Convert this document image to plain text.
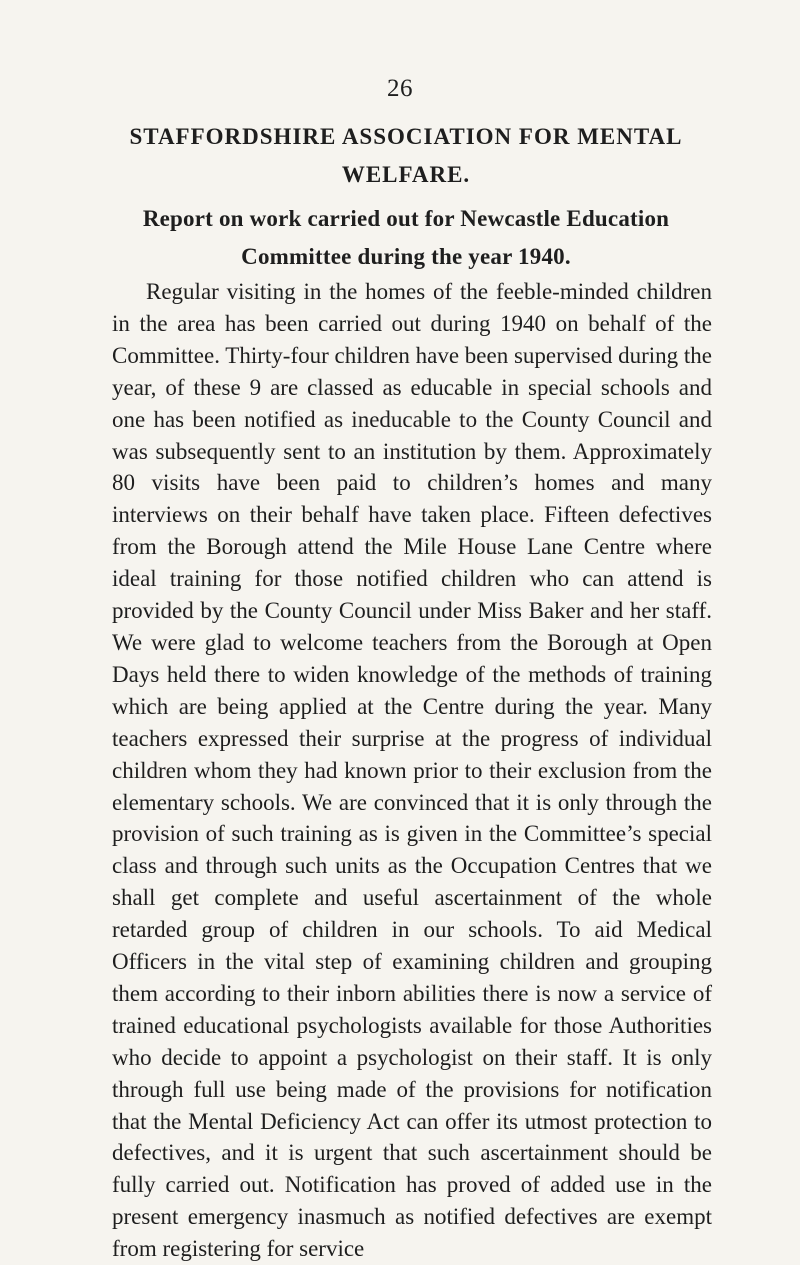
26
STAFFORDSHIRE ASSOCIATION FOR MENTAL WELFARE.
Report on work carried out for Newcastle Education Committee during the year 1940.

Regular visiting in the homes of the feeble-minded children in the area has been carried out during 1940 on behalf of the Committee. Thirty-four children have been supervised during the year, of these 9 are classed as educable in special schools and one has been notified as ineducable to the County Council and was subsequently sent to an institution by them. Approximately 80 visits have been paid to children’s homes and many interviews on their behalf have taken place. Fifteen defectives from the Borough attend the Mile House Lane Centre where ideal training for those notified children who can attend is provided by the County Council under Miss Baker and her staff. We were glad to welcome teachers from the Borough at Open Days held there to widen knowledge of the methods of training which are being applied at the Centre during the year. Many teachers expressed their surprise at the progress of individual children whom they had known prior to their exclusion from the elementary schools. We are convinced that it is only through the provision of such training as is given in the Committee’s special class and through such units as the Occupation Centres that we shall get complete and useful ascertainment of the whole retarded group of children in our schools. To aid Medical Officers in the vital step of examining children and grouping them according to their inborn abilities there is now a service of trained educational psychologists available for those Authorities who decide to appoint a psychologist on their staff. It is only through full use being made of the provisions for notification that the Mental Deficiency Act can offer its utmost protection to defectives, and it is urgent that such ascertainment should be fully carried out. Notification has proved of added use in the present emergency inasmuch as notified defectives are exempt from registering for service
